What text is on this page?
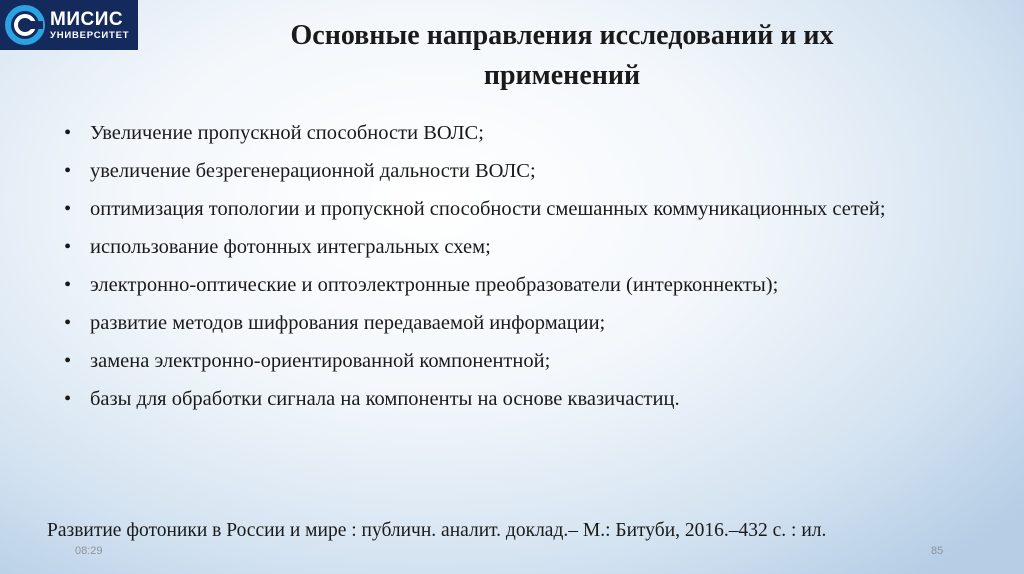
МИСИС
УНИВЕРСИТЕТ	Основные направления исследований и их
применений
• Увеличение пропускной способности ВОЛС;
• увеличение безрегенерационной дальности ВОЛС;
• оптимизация топологии и пропускной способности смешанных коммуникационных сетей;
• использование фотонных интегральных схем;
• электронно-оптические и оптоэлектронные преобразователи (интерконнекты);
• развитие методов шифрования передаваемой информации;
• замена электронно-ориентированной компонентной;
• базы для обработки сигнала на компоненты на основе квазичастиц.
Развитие фотоники в России и мире : публичн. аналит. доклад.– М.: Битуби, 2016.–432 с. : ил.
08:29	85
